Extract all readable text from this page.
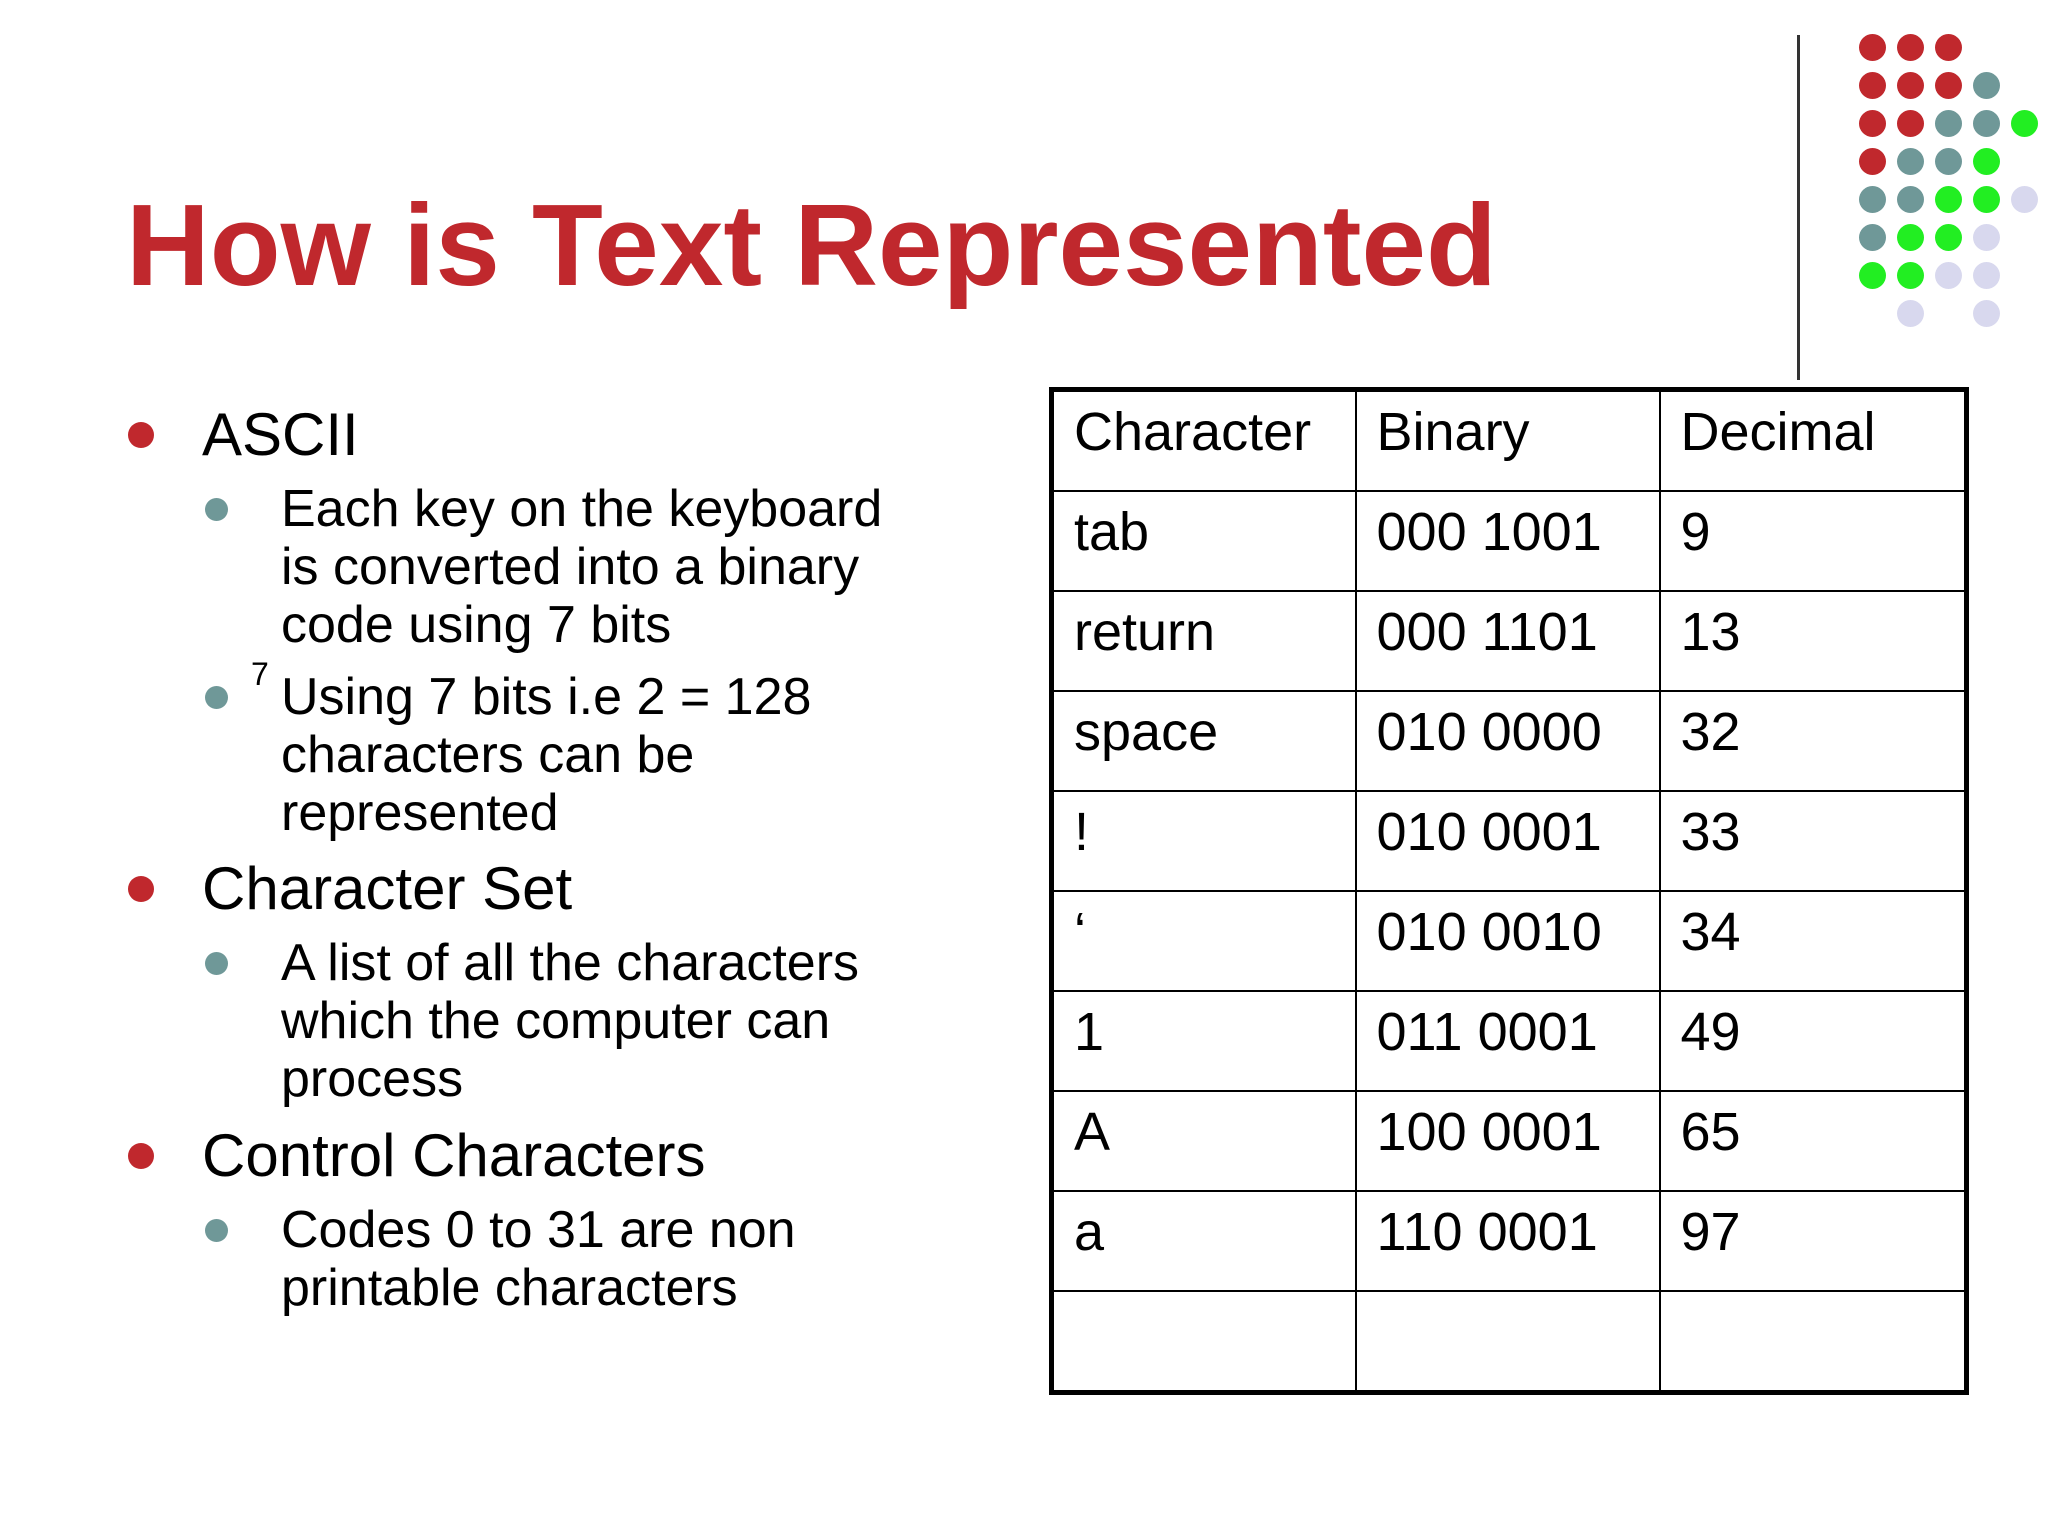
How is Text Represented

ASCII

Each key on the keyboard
is converted into a binary
code using 7 bits

Using 7 bits i.e 2
7	= 128
characters can be
represented

Character Set

A list of all the characters
which the computer can
process

Control Characters

Codes 0 to 31 are non
printable characters

Character	Binary	Decimal
tab	000 1001	9
return	000 1101	13
space	010 0000	32
!	010 0001	33
‘	010 0010	34
1	011 0001	49
A	100 0001	65
a	110 0001	97
